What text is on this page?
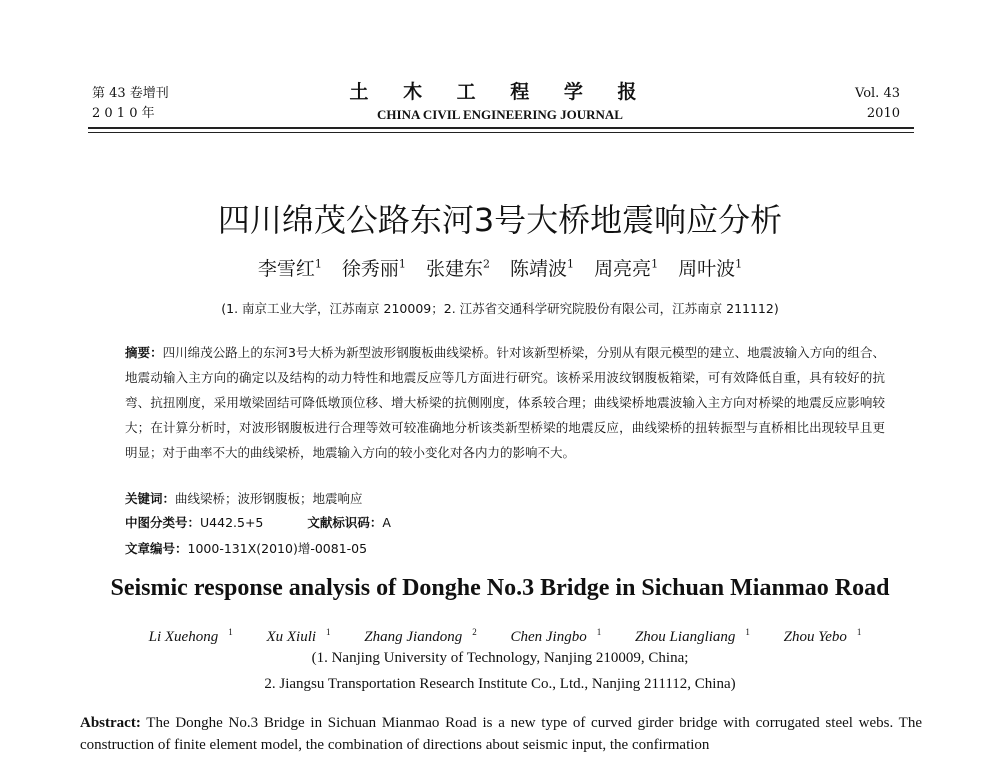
第 43 卷增刊
2 0 1 0 年
土 木 工 程 学 报
CHINA CIVIL ENGINEERING JOURNAL
Vol. 43
2010
四川绵茂公路东河3号大桥地震响应分析
李雪红$^1$ 徐秀丽$^1$ 张建东$^2$ 陈靖波$^1$ 周亮亮$^1$ 周叶波$^1$
(1. 南京工业大学，江苏南京 210009；2. 江苏省交通科学研究院股份有限公司，江苏南京 211112)
摘要：四川绵茂公路上的东河3号大桥为新型波形钢腹板曲线梁桥。针对该新型桥梁，分别从有限元模型的建立、地震波输入方向的组合、地震动输入主方向的确定以及结构的动力特性和地震反应等几方面进行研究。该桥采用波纹钢腹板箱梁，可有效降低自重，具有较好的抗弯、抗扭刚度，采用墩梁固结可降低墩顶位移、增大桥梁的抗侧刚度，体系较合理；曲线梁桥地震波输入主方向对桥梁的地震反应影响较大；在计算分析时，对波形钢腹板进行合理等效可较准确地分析该类新型桥梁的地震反应，曲线梁桥的扭转振型与直桥相比出现较早且更明显；对于曲率不大的曲线梁桥，地震输入方向的较小变化对各内力的影响不大。
关键词：曲线梁桥；波形钢腹板；地震响应
中图分类号：U442.5+5	文献标识码：A
文章编号：1000-131X(2010)增-0081-05
Seismic response analysis of Donghe No.3 Bridge in Sichuan Mianmao Road
Li Xuehong $^1$ Xu Xiuli $^1$ Zhang Jiandong $^2$ Chen Jingbo $^1$ Zhou Liangliang $^1$ Zhou Yebo $^1$
(1. Nanjing University of Technology, Nanjing 210009, China;
2. Jiangsu Transportation Research Institute Co., Ltd., Nanjing 211112, China)
Abstract: The Donghe No.3 Bridge in Sichuan Mianmao Road is a new type of curved girder bridge with corrugated steel webs. The construction of finite element model, the combination of directions about seismic input, the confirmation
